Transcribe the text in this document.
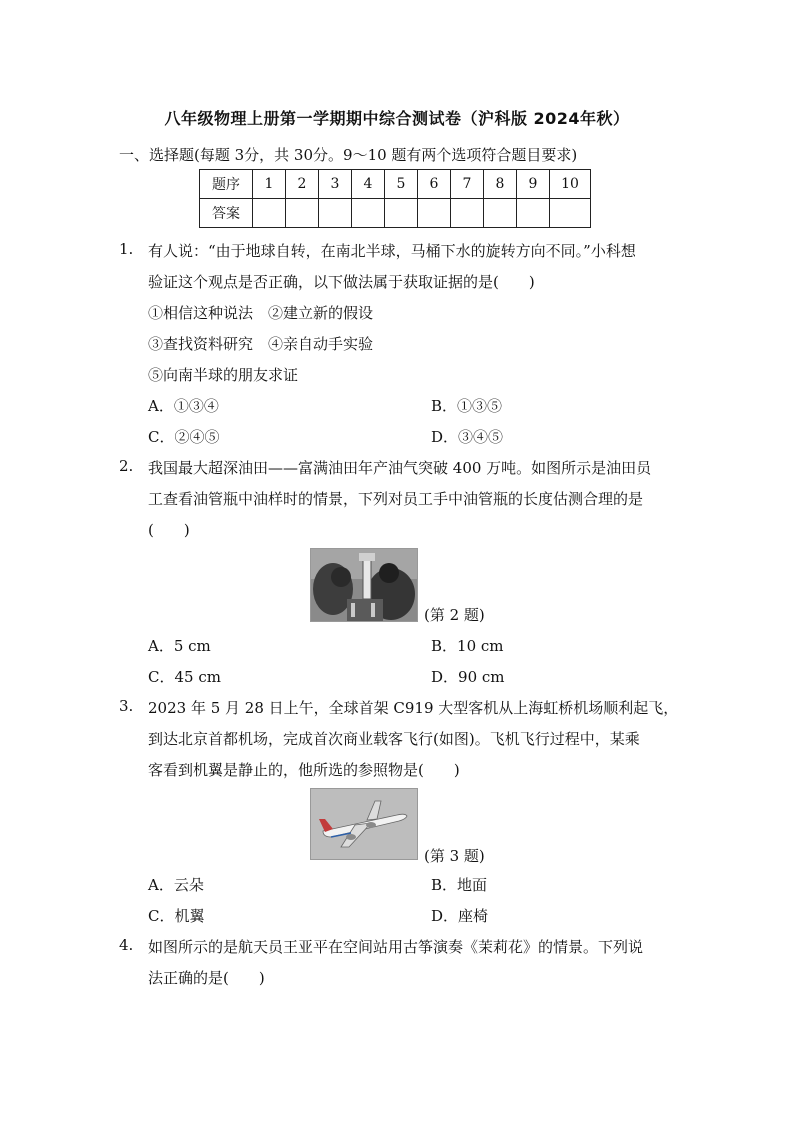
八年级物理上册第一学期期中综合测试卷（沪科版 2024年秋）
一、选择题(每题 3分，共 30分。9～10 题有两个选项符合题目要求)
题序	1	2	3	4	5	6	7	8	9	10
答案										
1. 有人说：“由于地球自转，在南北半球，马桶下水的旋转方向不同。”小科想
验证这个观点是否正确，以下做法属于获取证据的是(　　)
①相信这种说法　②建立新的假设
③查找资料研究　④亲自动手实验
⑤向南半球的朋友求证
A．①③④	B．①③⑤
C．②④⑤	D．③④⑤
2. 我国最大超深油田——富满油田年产油气突破 400 万吨。如图所示是油田员
工查看油管瓶中油样时的情景，下列对员工手中油管瓶的长度估测合理的是
(　　)
(第 2 题)
A．5 cm	B．10 cm
C．45 cm	D．90 cm
3. 2023 年 5 月 28 日上午，全球首架 C919 大型客机从上海虹桥机场顺利起飞，
到达北京首都机场，完成首次商业载客飞行(如图)。飞机飞行过程中，某乘
客看到机翼是静止的，他所选的参照物是(　　)
(第 3 题)
A．云朵	B．地面
C．机翼	D．座椅
4. 如图所示的是航天员王亚平在空间站用古筝演奏《茉莉花》的情景。下列说
法正确的是(　　)
